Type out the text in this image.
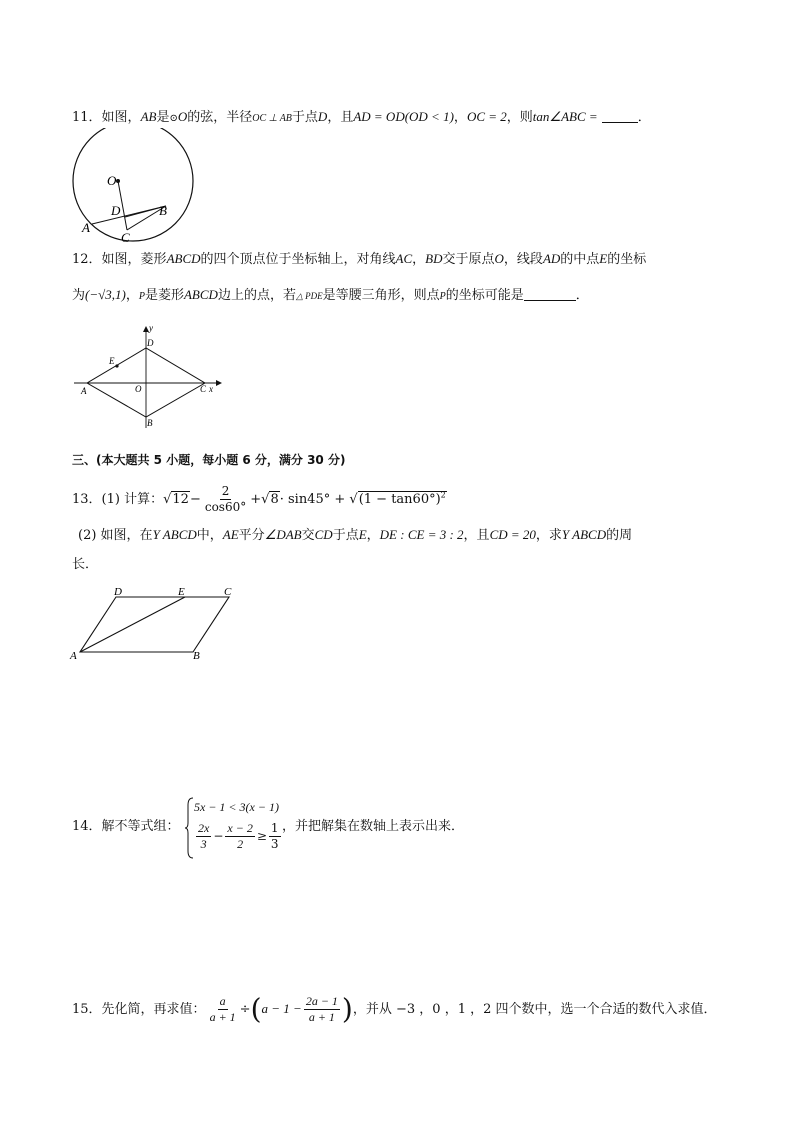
11．如图，AB是⊙O的弦，半径OC ⊥ AB于点D，且AD = OD(OD < 1)，OC = 2，则tan∠ABC =	．
O
D	B
A
C
12．如图，菱形ABCD的四个顶点位于坐标轴上，对角线AC，BD交于原点O，线段AD的中点E的坐标
为(−√3,1)，P是菱形ABCD边上的点，若△ PDE是等腰三角形，则点P的坐标可能是	．
y
x
D
E
A	O	C
B
三、(本大题共 5 小题，每小题 6 分，满分 30 分)
13．(1) 计算：$√12- \frac{2}{\cos 60^\circ} +√8\cdot \sin 45^\circ + √(1 - \tan 60^\circ)^2$
(2) 如图，在Y ABCD中，AE平分∠DAB交CD于点E，DE : CE = 3 : 2，且CD = 20，求Y ABCD的周
长．
D	E	C
A	B
14．解不等式组：
5x − 1 < 3(x − 1)
$\frac{2x}{3} - \frac{x - 2}{2} \ge \frac{1}{3}$ ，并把解集在数轴上表示出来．
15．先化简，再求值： $\frac{a}{a + 1} \div(a - 1 - \frac{2a - 1}{a + 1}$ )，并从 −3 ，0 ，1 ，2 四个数中，选一个合适的数代入求值．
